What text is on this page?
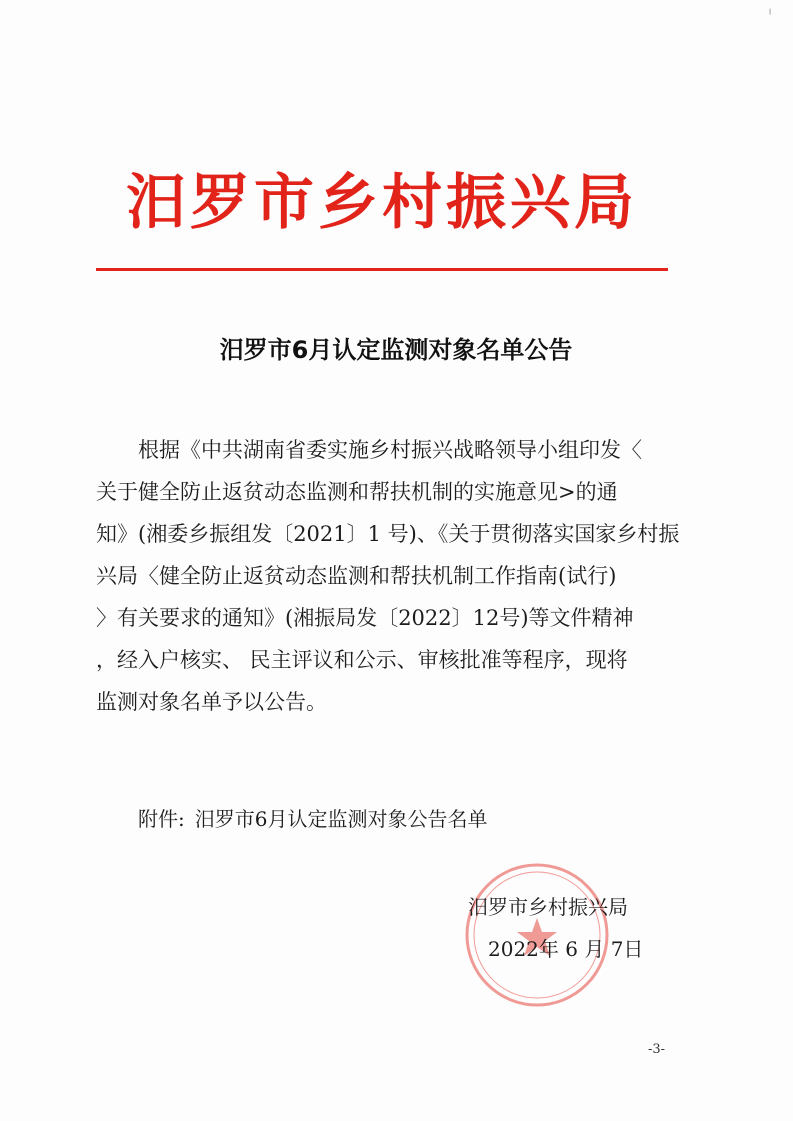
╵
汨罗市乡村振兴局
汨罗市6月认定监测对象名单公告
根据《中共湖南省委实施乡村振兴战略领导小组印发〈
关于健全防止返贫动态监测和帮扶机制的实施意见>的通
知》(湘委乡振组发〔2021〕1 号)、《关于贯彻落实国家乡村振
兴局〈健全防止返贫动态监测和帮扶机制工作指南(试行)
〉有关要求的通知》(湘振局发〔2022〕12号)等文件精神
，经入户核实、 民主评议和公示、审核批准等程序，现将
监测对象名单予以公告。
附件: 汨罗市6月认定监测对象公告名单
汨罗市乡村振兴局
2022年 6 月 7日
-3-
